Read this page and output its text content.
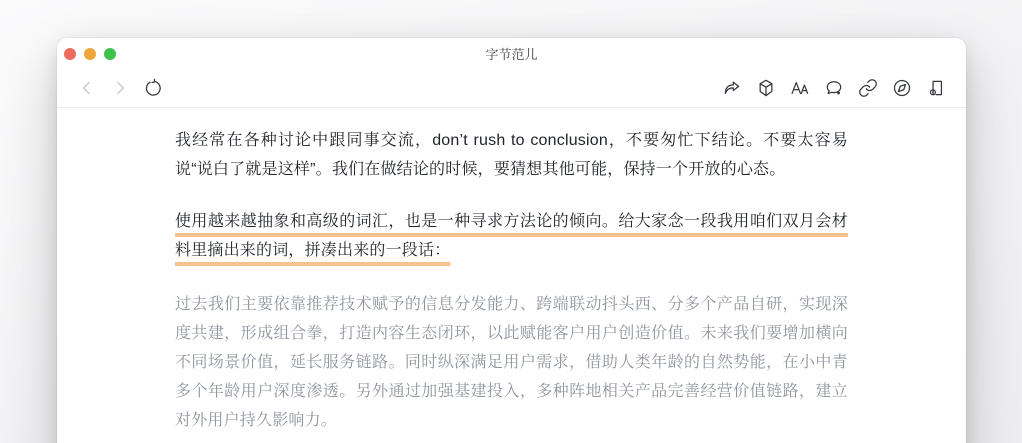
字节范儿

我经常在各种讨论中跟同事交流，don’t rush to conclusion，不要匆忙下结论。不要太容易说“说白了就是这样”。我们在做结论的时候，要猜想其他可能，保持一个开放的心态。

使用越来越抽象和高级的词汇，也是一种寻求方法论的倾向。给大家念一段我用咱们双月会材料里摘出来的词，拼凑出来的一段话：

过去我们主要依靠推荐技术赋予的信息分发能力、跨端联动抖头西、分多个产品自研，实现深度共建，形成组合拳，打造内容生态闭环，以此赋能客户用户创造价值。未来我们要增加横向不同场景价值，延长服务链路。同时纵深满足用户需求，借助人类年龄的自然势能，在小中青多个年龄用户深度渗透。另外通过加强基建投入，多种阵地相关产品完善经营价值链路，建立对外用户持久影响力。
